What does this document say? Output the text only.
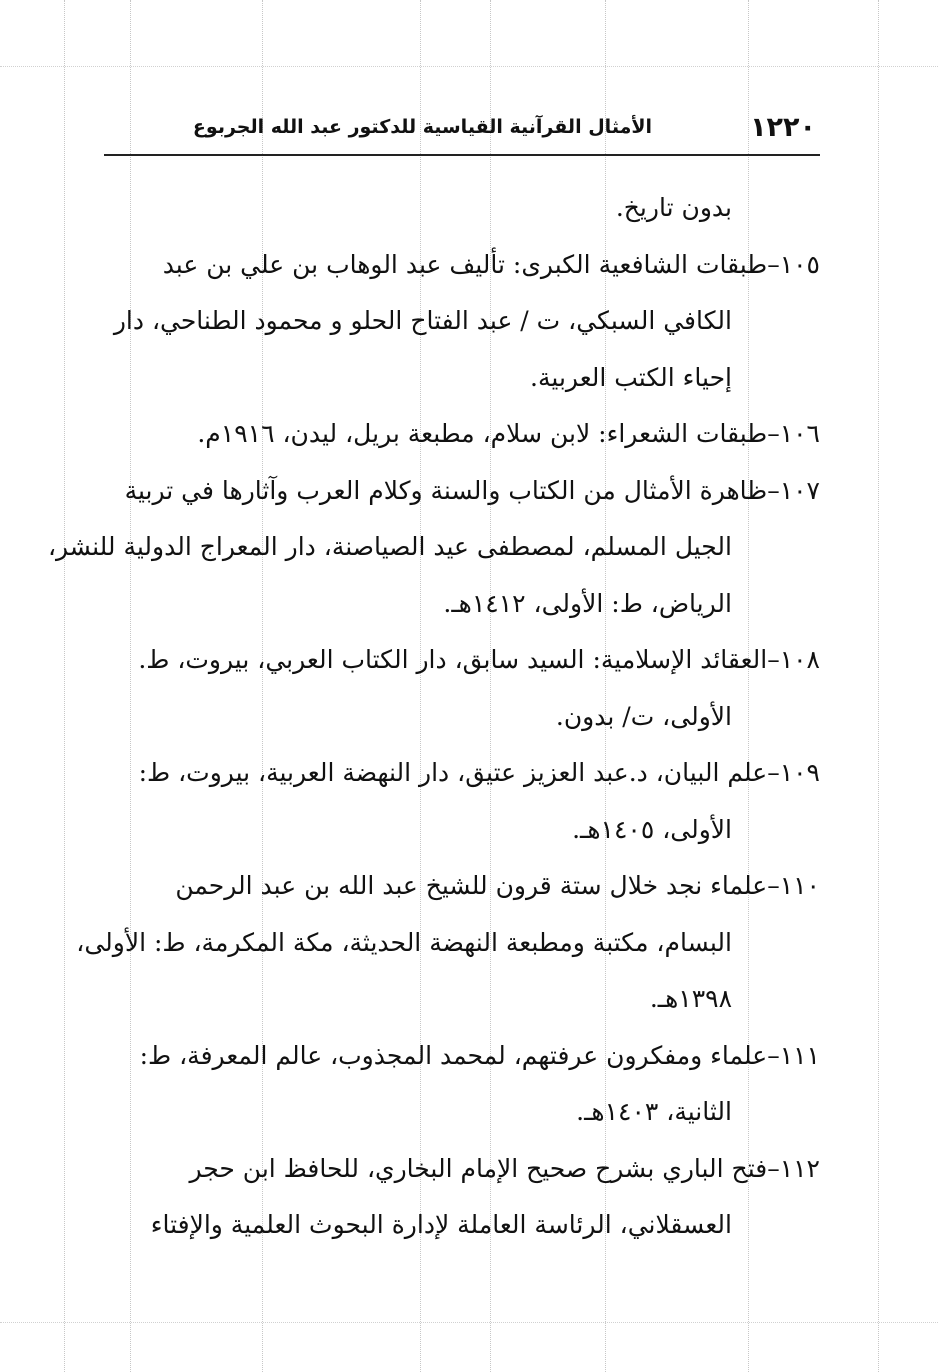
١٢٢٠
الأمثال القرآنية القياسية للدكتور عبد الله الجربوع
بدون تاريخ.
١٠٥–طبقات الشافعية الكبرى: تأليف عبد الوهاب بن علي بن عبد
الكافي السبكي، ت / عبد الفتاح الحلو و محمود الطناحي، دار
إحياء الكتب العربية.
١٠٦–طبقات الشعراء: لابن سلام، مطبعة بريل، ليدن، ١٩١٦م.
١٠٧–ظاهرة الأمثال من الكتاب والسنة وكلام العرب وآثارها في تربية
الجيل المسلم، لمصطفى عيد الصياصنة، دار المعراج الدولية للنشر،
الرياض، ط: الأولى، ١٤١٢هـ.
١٠٨–العقائد الإسلامية: السيد سابق، دار الكتاب العربي، بيروت، ط.
الأولى، ت/ بدون.
١٠٩–علم البيان، د.عبد العزيز عتيق، دار النهضة العربية، بيروت، ط:
الأولى، ١٤٠٥هـ.
١١٠–علماء نجد خلال ستة قرون للشيخ عبد الله بن عبد الرحمن
البسام، مكتبة ومطبعة النهضة الحديثة، مكة المكرمة، ط: الأولى،
١٣٩٨هـ.
١١١–علماء ومفكرون عرفتهم، لمحمد المجذوب، عالم المعرفة، ط:
الثانية، ١٤٠٣هـ.
١١٢–فتح الباري بشرح صحيح الإمام البخاري، للحافظ ابن حجر
العسقلاني، الرئاسة العاملة لإدارة البحوث العلمية والإفتاء
